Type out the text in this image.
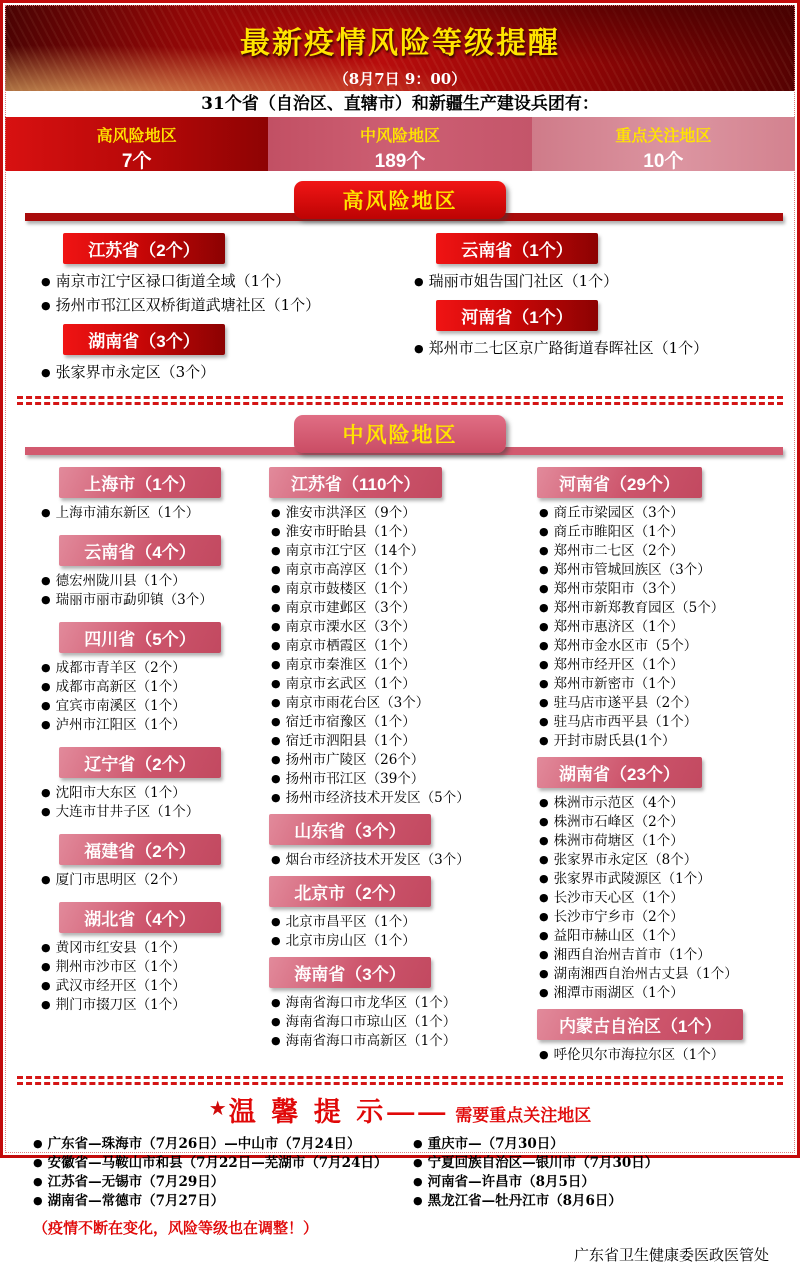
最新疫情风险等级提醒
（8月7日 9：00）
31个省（自治区、直辖市）和新疆生产建设兵团有：
高风险地区
7个
中风险地区
189个
重点关注地区
10个
高风险地区
江苏省（2个）
● 南京市江宁区禄口街道全域（1个）
● 扬州市邗江区双桥街道武塘社区（1个）
湖南省（3个）
● 张家界市永定区（3个）
云南省（1个）
● 瑞丽市姐告国门社区（1个）
河南省（1个）
● 郑州市二七区京广路街道春晖社区（1个）
中风险地区
上海市（1个）
● 上海市浦东新区（1个）
云南省（4个）
● 德宏州陇川县（1个）
● 瑞丽市丽市勐卯镇（3个）
四川省（5个）
● 成都市青羊区（2个）
● 成都市高新区（1个）
● 宜宾市南溪区（1个）
● 泸州市江阳区（1个）
辽宁省（2个）
● 沈阳市大东区（1个）
● 大连市甘井子区（1个）
福建省（2个）
● 厦门市思明区（2个）
湖北省（4个）
● 黄冈市红安县（1个）
● 荆州市沙市区（1个）
● 武汉市经开区（1个）
● 荆门市掇刀区（1个）
江苏省（110个）
● 淮安市洪泽区（9个）
● 淮安市盱眙县（1个）
● 南京市江宁区（14个）
● 南京市高淳区（1个）
● 南京市鼓楼区（1个）
● 南京市建邺区（3个）
● 南京市溧水区（3个）
● 南京市栖霞区（1个）
● 南京市秦淮区（1个）
● 南京市玄武区（1个）
● 南京市雨花台区（3个）
● 宿迁市宿豫区（1个）
● 宿迁市泗阳县（1个）
● 扬州市广陵区（26个）
● 扬州市邗江区（39个）
● 扬州市经济技术开发区（5个）
山东省（3个）
● 烟台市经济技术开发区（3个）
北京市（2个）
● 北京市昌平区（1个）
● 北京市房山区（1个）
海南省（3个）
● 海南省海口市龙华区（1个）
● 海南省海口市琼山区（1个）
● 海南省海口市高新区（1个）
河南省（29个）
● 商丘市梁园区（3个）
● 商丘市睢阳区（1个）
● 郑州市二七区（2个）
● 郑州市管城回族区（3个）
● 郑州市荥阳市（3个）
● 郑州市新郑教育园区（5个）
● 郑州市惠济区（1个）
● 郑州市金水区市（5个）
● 郑州市经开区（1个）
● 郑州市新密市（1个）
● 驻马店市遂平县（2个）
● 驻马店市西平县（1个）
● 开封市尉氏县(1个）
湖南省（23个）
● 株洲市示范区（4个）
● 株洲市石峰区（2个）
● 株洲市荷塘区（1个）
● 张家界市永定区（8个）
● 张家界市武陵源区（1个）
● 长沙市天心区（1个）
● 长沙市宁乡市（2个）
● 益阳市赫山区（1个）
● 湘西自治州吉首市（1个）
● 湖南湘西自治州古丈县（1个）
● 湘潭市雨湖区（1个）
内蒙古自治区（1个）
● 呼伦贝尔市海拉尔区（1个）
★温 馨 提 示—— 需要重点关注地区
● 广东省—珠海市（7月26日）—中山市（7月24日）
● 安徽省—马鞍山市和县（7月22日—芜湖市（7月24日）
● 江苏省—无锡市（7月29日）
● 湖南省—常德市（7月27日）
● 重庆市—（7月30日）
● 宁夏回族自治区—银川市（7月30日）
● 河南省—许昌市（8月5日）
● 黑龙江省—牡丹江市（8月6日）
（疫情不断在变化，风险等级也在调整！）
广东省卫生健康委医政医管处
